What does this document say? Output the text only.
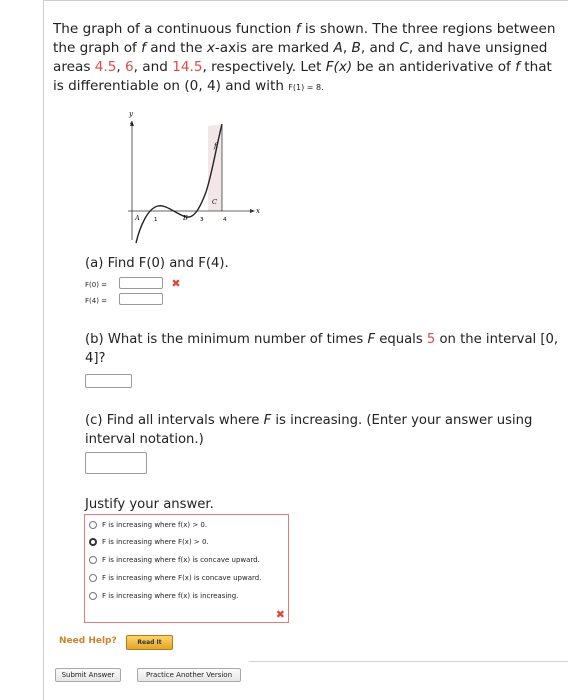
The graph of a continuous function f is shown. The three regions between the graph of f and the x-axis are marked A, B, and C, and have unsigned areas 4.5, 6, and 14.5, respectively. Let F(x) be an antiderivative of f that is differentiable on (0, 4) and with F(1) = 8.
y
4
x
f
A	B
C
1	3	4
(a) Find F(0) and F(4).
F(0) =	✖
F(4) =
(b) What is the minimum number of times F equals 5 on the interval [0, 4]?
(c) Find all intervals where F is increasing. (Enter your answer using interval notation.)
Justify your answer.
F is increasing where f(x) > 0.
F is increasing where F(x) > 0.
F is increasing where f(x) is concave upward.
F is increasing where F(x) is concave upward.
F is increasing where f(x) is increasing.
✖
Need Help?	Read It
Submit Answer	Practice Another Version
